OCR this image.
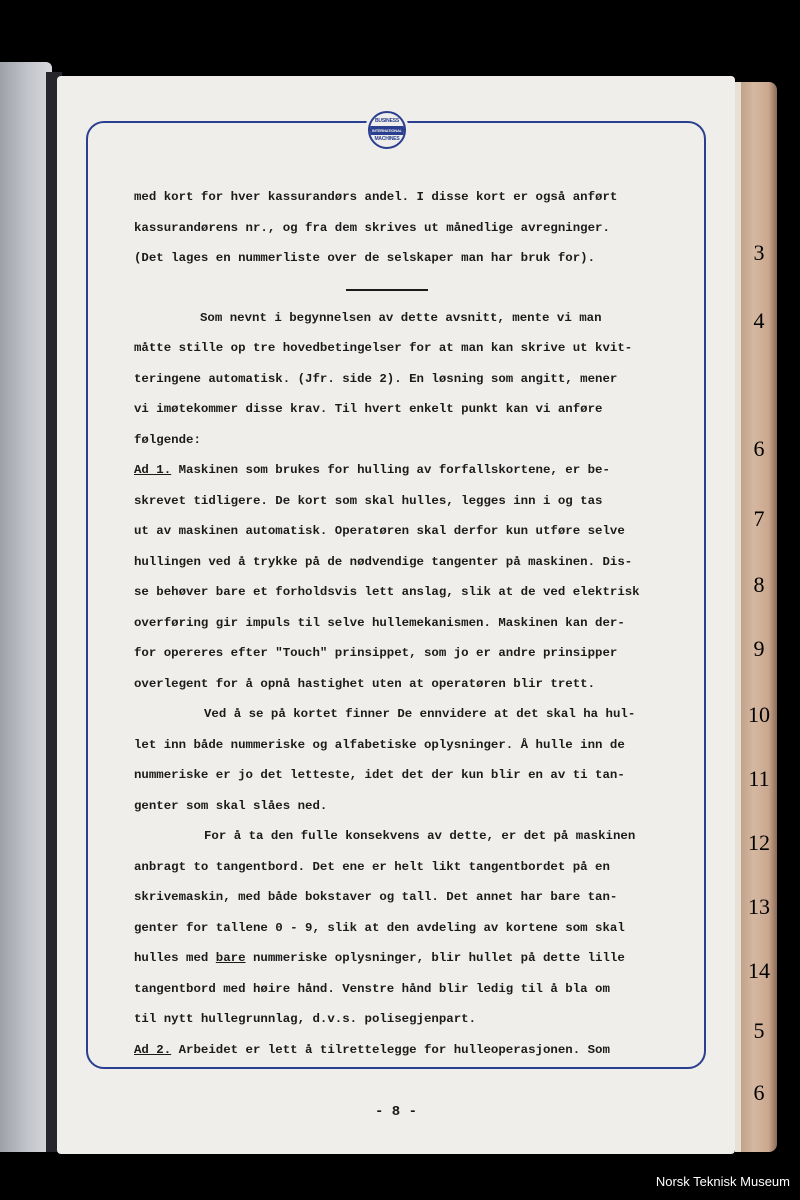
3
4
6
7
8
9
10
11
12
13
14
5
6
BUSINESS
INTERNATIONAL
MACHINES
med kort for hver kassurandørs andel. I disse kort er også anført
kassurandørens nr., og fra dem skrives ut månedlige avregninger.
(Det lages en nummerliste over de selskaper man har bruk for).
Som nevnt i begynnelsen av dette avsnitt, mente vi man
måtte stille op tre hovedbetingelser for at man kan skrive ut kvit-
teringene automatisk. (Jfr. side 2). En løsning som angitt, mener
vi imøtekommer disse krav. Til hvert enkelt punkt kan vi anføre
følgende:
Ad 1. Maskinen som brukes for hulling av forfallskortene, er be-
skrevet tidligere. De kort som skal hulles, legges inn i og tas
ut av maskinen automatisk. Operatøren skal derfor kun utføre selve
hullingen ved å trykke på de nødvendige tangenter på maskinen. Dis-
se behøver bare et forholdsvis lett anslag, slik at de ved elektrisk
overføring gir impuls til selve hullemekanismen. Maskinen kan der-
for opereres efter "Touch" prinsippet, som jo er andre prinsipper
overlegent for å opnå hastighet uten at operatøren blir trett.
Ved å se på kortet finner De ennvidere at det skal ha hul-
let inn både nummeriske og alfabetiske oplysninger. Å hulle inn de
nummeriske er jo det letteste, idet det der kun blir en av ti tan-
genter som skal slåes ned.
For å ta den fulle konsekvens av dette, er det på maskinen
anbragt to tangentbord. Det ene er helt likt tangentbordet på en
skrivemaskin, med både bokstaver og tall. Det annet har bare tan-
genter for tallene 0 - 9, slik at den avdeling av kortene som skal
hulles med bare nummeriske oplysninger, blir hullet på dette lille
tangentbord med høire hånd. Venstre hånd blir ledig til å bla om
til nytt hullegrunnlag, d.v.s. polisegjenpart.
Ad 2. Arbeidet er lett å tilrettelegge for hulleoperasjonen. Som
- 8 -
Norsk Teknisk Museum
